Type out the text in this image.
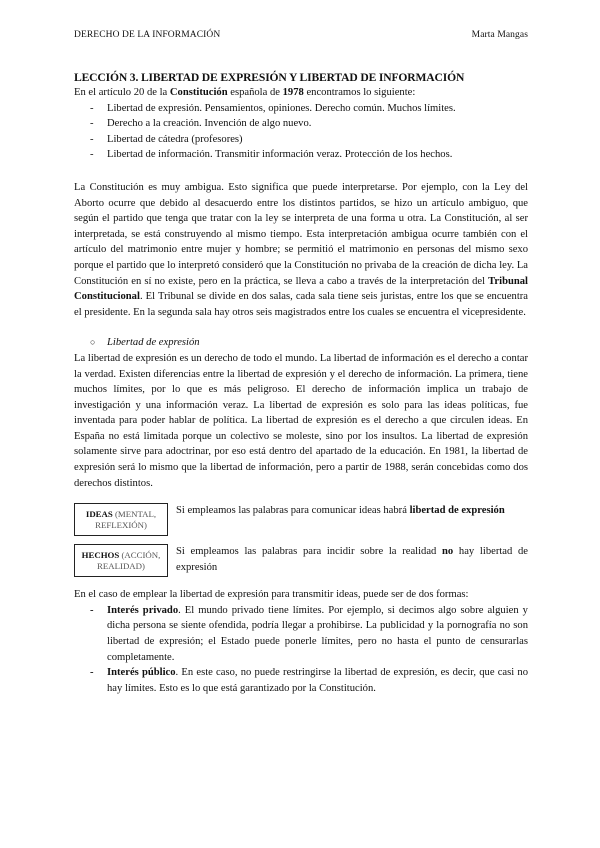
DERECHO DE LA INFORMACIÓN	Marta Mangas
LECCIÓN 3. LIBERTAD DE EXPRESIÓN Y LIBERTAD DE INFORMACIÓN

En el artículo 20 de la Constitución española de 1978 encontramos lo siguiente:

- Libertad de expresión. Pensamientos, opiniones. Derecho común. Muchos límites.
- Derecho a la creación. Invención de algo nuevo.
- Libertad de cátedra (profesores)
- Libertad de información. Transmitir información veraz. Protección de los hechos.

La Constitución es muy ambigua. Esto significa que puede interpretarse. Por ejemplo, con la Ley del Aborto ocurre que debido al desacuerdo entre los distintos partidos, se hizo un artículo ambiguo, que según el partido que tenga que tratar con la ley se interpreta de una forma u otra. La Constitución, al ser interpretada, se está construyendo al mismo tiempo. Esta interpretación ambigua ocurre también con el artículo del matrimonio entre mujer y hombre; se permitió el matrimonio en personas del mismo sexo porque el partido que lo interpretó consideró que la Constitución no privaba de la creación de dicha ley. La Constitución en sí no existe, pero en la práctica, se lleva a cabo a través de la interpretación del Tribunal Constitucional. El Tribunal se divide en dos salas, cada sala tiene seis juristas, entre los que se encuentra el presidente. En la segunda sala hay otros seis magistrados entre los cuales se encuentra el vicepresidente.

○ Libertad de expresión

La libertad de expresión es un derecho de todo el mundo. La libertad de información es el derecho a contar la verdad. Existen diferencias entre la libertad de expresión y el derecho de información. La primera, tiene muchos límites, por lo que es más peligroso. El derecho de información implica un trabajo de investigación y una información veraz. La libertad de expresión es solo para las ideas políticas, fue inventada para poder hablar de política. La libertad de expresión es el derecho a que circulen ideas. En España no está limitada porque un colectivo se moleste, sino por los insultos. La libertad de expresión solamente sirve para adoctrinar, por eso está dentro del apartado de la educación. En 1981, la libertad de expresión será lo mismo que la libertad de información, pero a partir de 1988, serán concebidas como dos derechos distintos.

IDEAS (MENTAL, REFLEXIÓN)
Si empleamos las palabras para comunicar ideas habrá libertad de expresión
HECHOS (ACCIÓN, REALIDAD)
Si empleamos las palabras para incidir sobre la realidad no hay libertad de expresión

En el caso de emplear la libertad de expresión para transmitir ideas, puede ser de dos formas:

- Interés privado. El mundo privado tiene límites. Por ejemplo, si decimos algo sobre alguien y dicha persona se siente ofendida, podría llegar a prohibirse. La publicidad y la pornografía no son libertad de expresión; el Estado puede ponerle límites, pero no hasta el punto de censurarlas completamente.
- Interés público. En este caso, no puede restringirse la libertad de expresión, es decir, que casi no hay límites. Esto es lo que está garantizado por la Constitución.
